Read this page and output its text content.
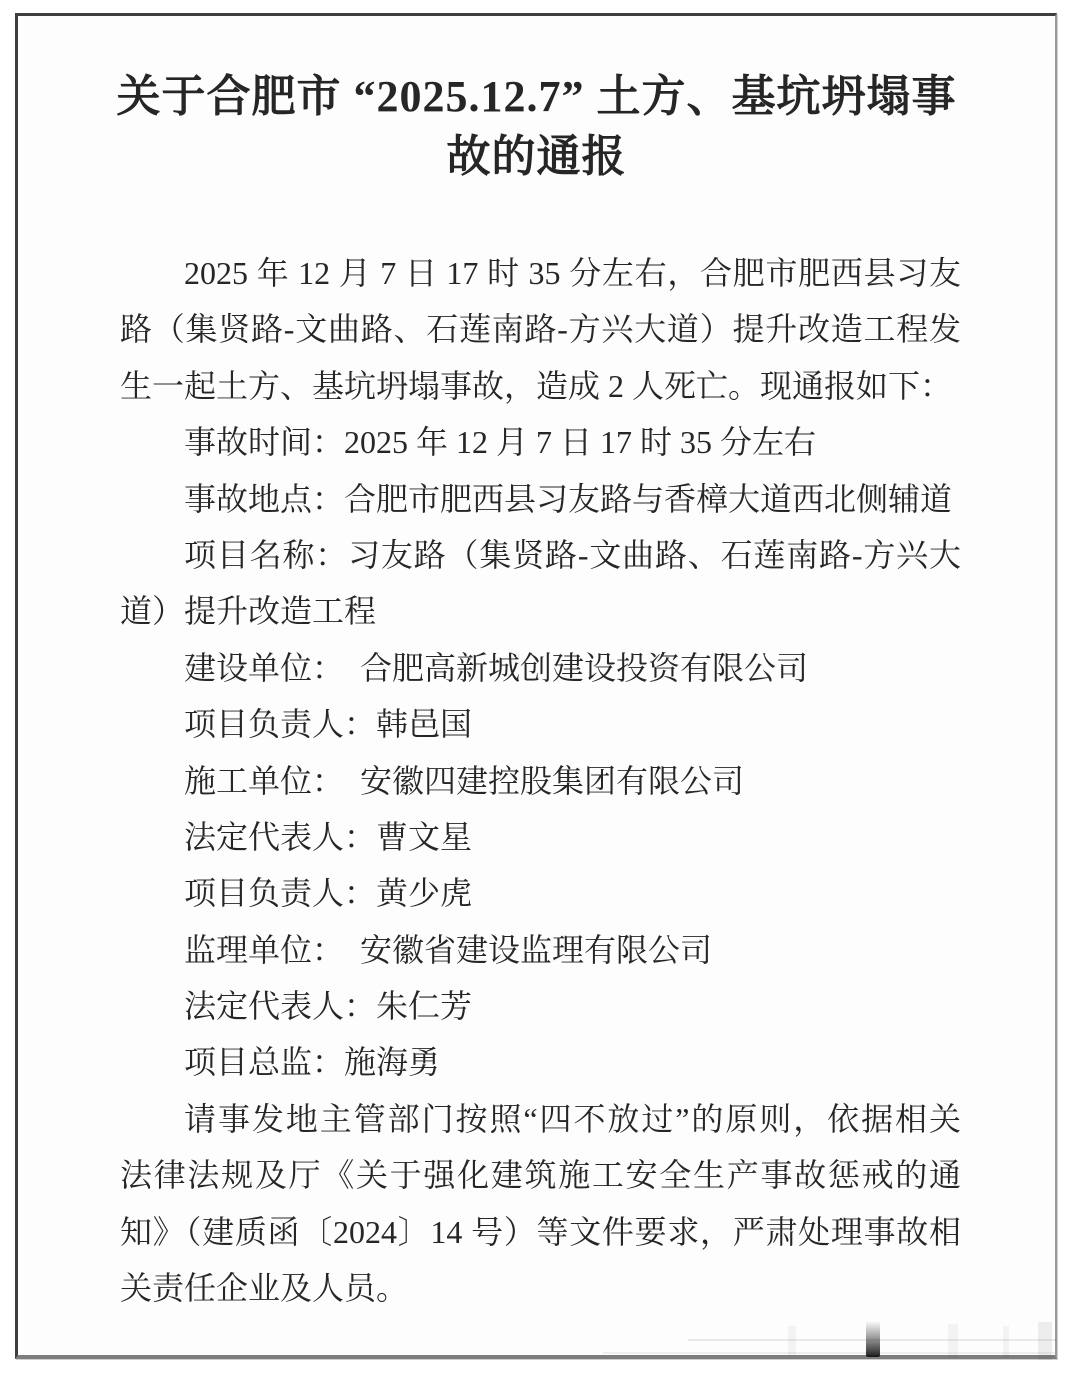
关于合肥市 “2025.12.7” 土方、基坑坍塌事
故的通报
2025 年 12 月 7 日 17 时 35 分左右，合肥市肥西县习友
路（集贤路-文曲路、石莲南路-方兴大道）提升改造工程发
生一起土方、基坑坍塌事故，造成 2 人死亡。现通报如下：
事故时间：2025 年 12 月 7 日 17 时 35 分左右
事故地点：合肥市肥西县习友路与香樟大道西北侧辅道
项目名称：习友路（集贤路-文曲路、石莲南路-方兴大
道）提升改造工程
建设单位：　合肥高新城创建设投资有限公司
项目负责人：韩邑国
施工单位：　安徽四建控股集团有限公司
法定代表人：曹文星
项目负责人：黄少虎
监理单位：　安徽省建设监理有限公司
法定代表人：朱仁芳
项目总监：施海勇
请事发地主管部门按照“四不放过”的原则，依据相关
法律法规及厅《关于强化建筑施工安全生产事故惩戒的通
知》（建质函〔2024〕14 号）等文件要求，严肃处理事故相
关责任企业及人员。
